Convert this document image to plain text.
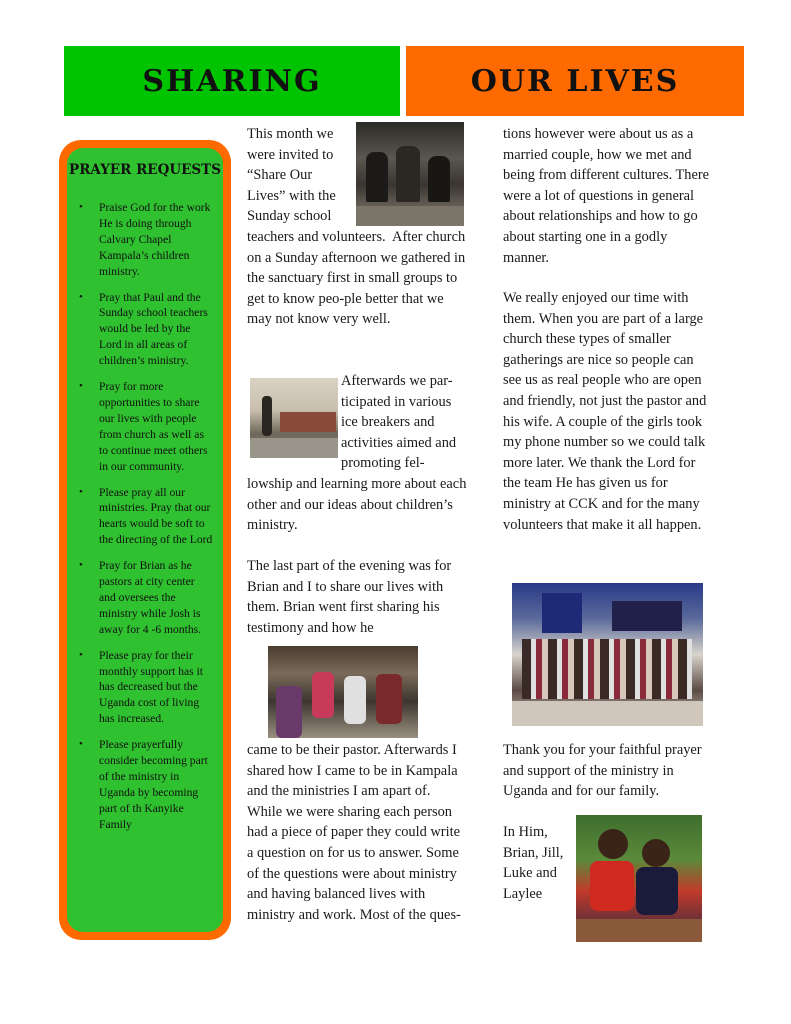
SHARING	OUR LIVES
PRAYER REQUESTS
• Praise God for the work He is doing through Calvary Chapel Kampala’s children ministry.
• Pray that Paul and the Sunday school teachers would be led by the Lord in all areas of children’s ministry.
• Pray for more opportunities to share our lives with people from church as well as to continue meet others in our community.
• Please pray all our ministries. Pray that our hearts would be soft to the directing of the Lord
• Pray for Brian as he pastors at city center and oversees the ministry while Josh is away for 4 -6 months.
• Please pray for their monthly support has it has decreased but the Uganda cost of living has increased.
• Please prayerfully consider becoming part of the ministry in Uganda by becoming part of th Kanyike Family

This month we
were invited to
“Share Our
Lives” with the
Sunday school

teachers and volunteers.  After church on a Sunday afternoon we gathered in the sanctuary first in small groups to get to know peo-ple better that we may not know very well.

Afterwards we par-ticipated in various ice breakers and activities aimed and promoting fel-

lowship and learning more about each other and our ideas about children’s ministry.

The last part of the evening was for Brian and I to share our lives with them. Brian went first sharing his testimony and how he

came to be their pastor. Afterwards I shared how I came to be in Kampala and the ministries I am apart of. While we were sharing each person had a piece of paper they could write a question on for us to answer. Some of the questions were about ministry and having balanced lives with ministry and work. Most of the ques-

tions however were about us as a married couple, how we met and being from different cultures. There were a lot of questions in general about relationships and how to go about starting one in a godly manner.

We really enjoyed our time with them. When you are part of a large church these types of smaller gatherings are nice so people can see us as real people who are open and friendly, not just the pastor and his wife. A couple of the girls took my phone number so we could talk more later. We thank the Lord for the team He has given us for ministry at CCK and for the many volunteers that make it all happen.

Thank you for your faithful prayer and support of the ministry in Uganda and for our family.

In Him,

Brian, Jill,

Luke and

Laylee
